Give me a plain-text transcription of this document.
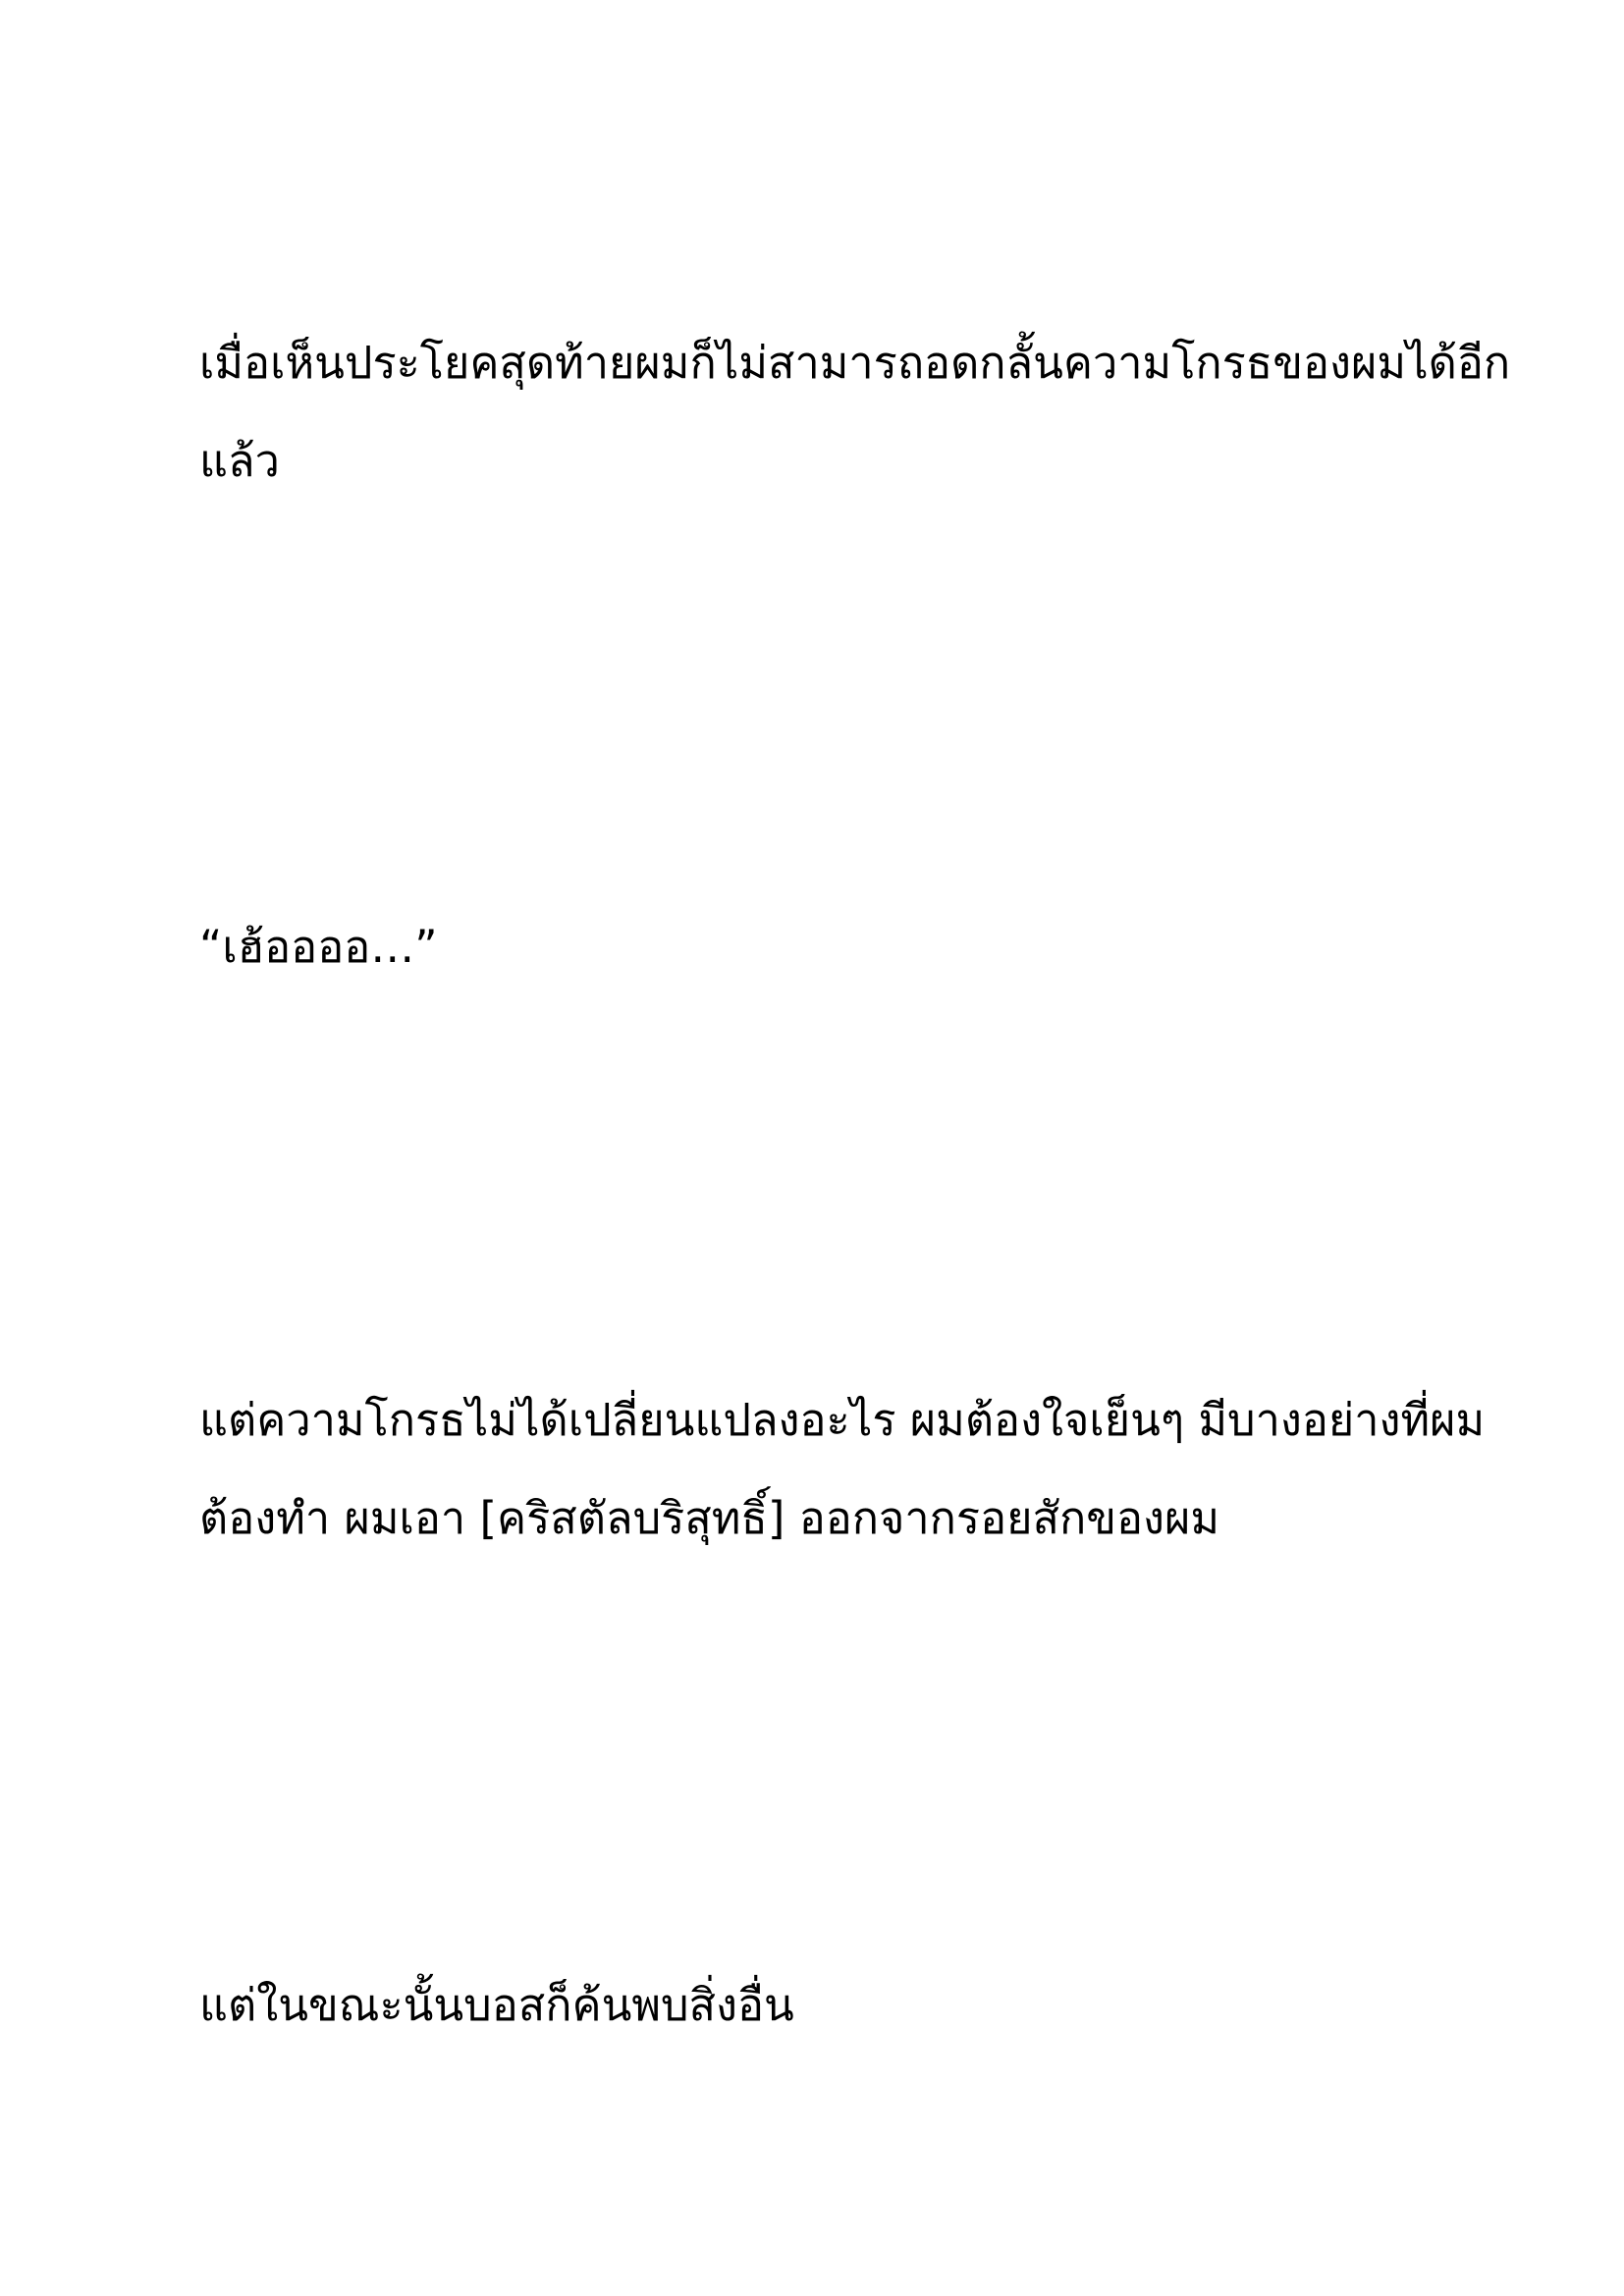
เมื่อเห็นประโยคสุดท้ายผมก็ไม่สามารถอดกลั้นความโกรธของผมได้อีก
แล้ว

“เฮ้ออออ…”

แต่ความโกรธไม่ได้เปลี่ยนแปลงอะไร ผมต้องใจเย็นๆ มีบางอย่างที่ผม
ต้องทำ ผมเอา [คริสตัลบริสุทธิ์] ออกจากรอยสักของผม

แต่ในขณะนั้นบอสก็ค้นพบสิ่งอื่น
